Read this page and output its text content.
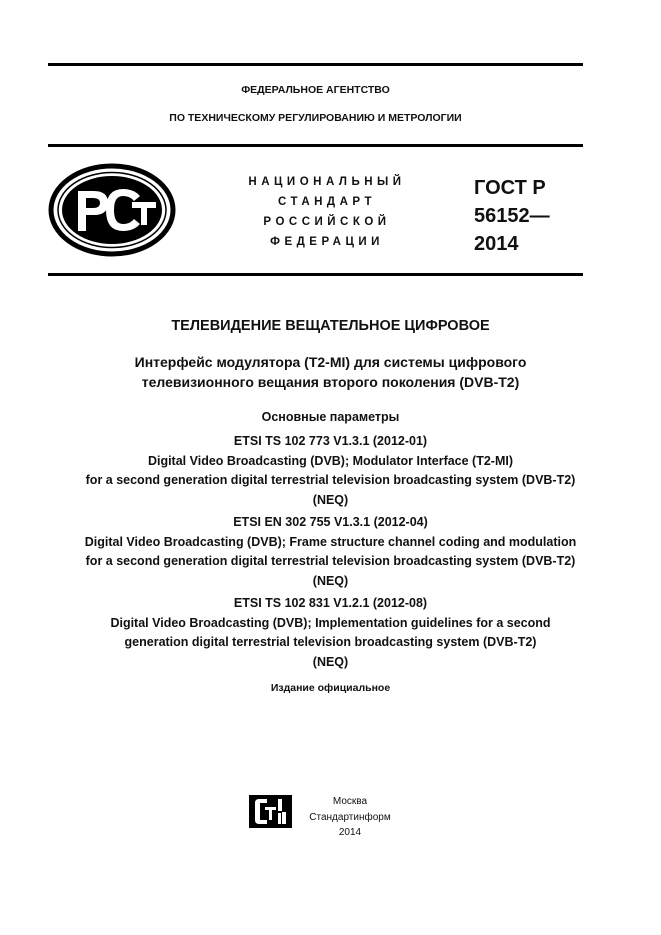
ФЕДЕРАЛЬНОЕ АГЕНТСТВО
ПО ТЕХНИЧЕСКОМУ РЕГУЛИРОВАНИЮ И МЕТРОЛОГИИ
НАЦИОНАЛЬНЫЙ
СТАНДАРТ
РОССИЙСКОЙ
ФЕДЕРАЦИИ
ГОСТ Р
56152—
2014
ТЕЛЕВИДЕНИЕ ВЕЩАТЕЛЬНОЕ ЦИФРОВОЕ
Интерфейс модулятора (Т2-MI) для системы цифрового
телевизионного вещания второго поколения (DVB-T2)
Основные параметры
ETSI TS 102 773 V1.3.1 (2012-01)
Digital Video Broadcasting (DVB); Modulator Interface (T2-MI)
for a second generation digital terrestrial television broadcasting system (DVB-T2)
(NEQ)
ETSI EN 302 755 V1.3.1 (2012-04)
Digital Video Broadcasting (DVB); Frame structure channel coding and modulation
for a second generation digital terrestrial television broadcasting system (DVB-T2)
(NEQ)
ETSI TS 102 831 V1.2.1 (2012-08)
Digital Video Broadcasting (DVB); Implementation guidelines for a second
generation digital terrestrial television broadcasting system (DVB-T2)
(NEQ)
Издание официальное
Москва
Стандартинформ
2014
